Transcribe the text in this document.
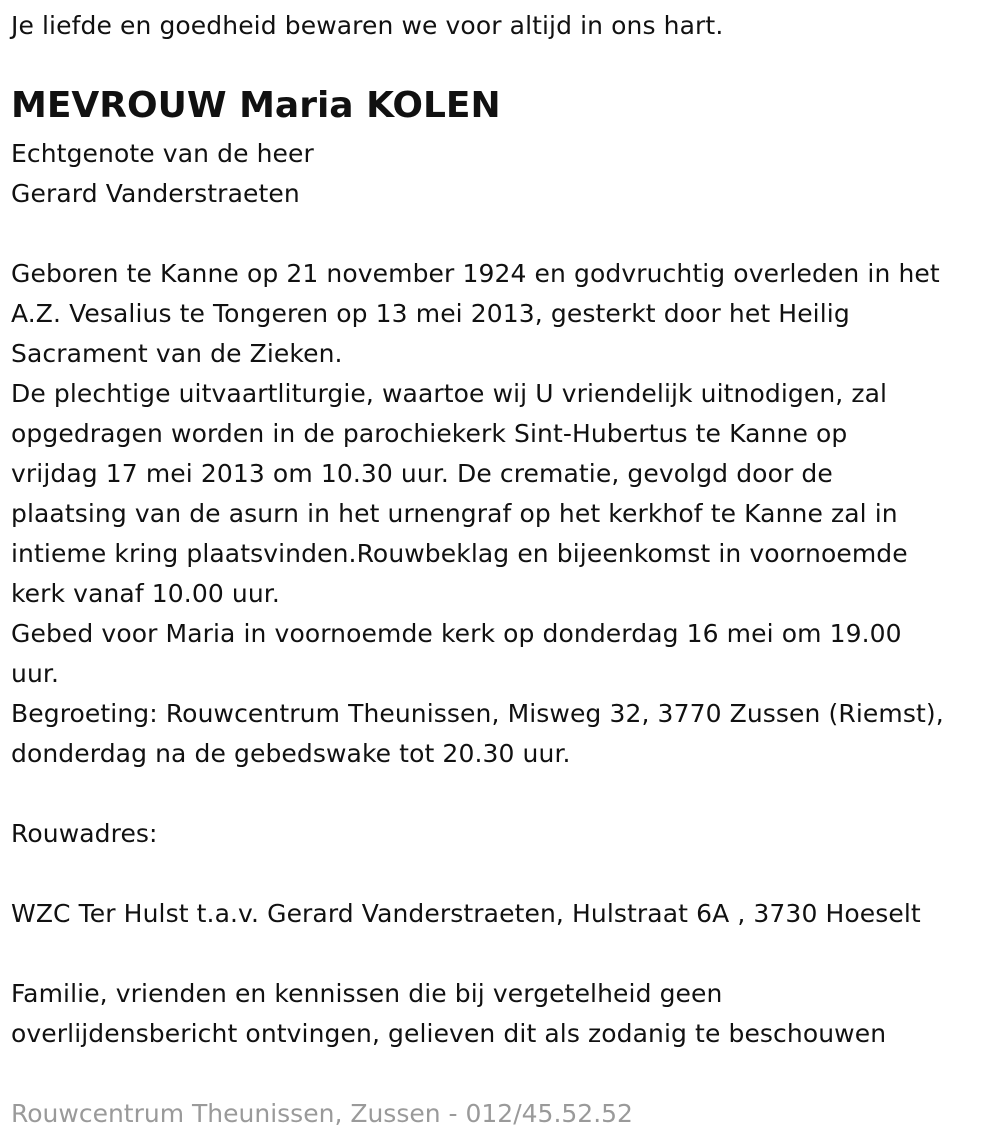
Je liefde en goedheid bewaren we voor altijd in ons hart.
MEVROUW Maria KOLEN
Echtgenote van de heer
Gerard Vanderstraeten
Geboren te Kanne op 21 november 1924 en godvruchtig overleden in het
A.Z. Vesalius te Tongeren op 13 mei 2013, gesterkt door het Heilig
Sacrament van de Zieken.
De plechtige uitvaartliturgie, waartoe wij U vriendelijk uitnodigen, zal
opgedragen worden in de parochiekerk Sint-Hubertus te Kanne op
vrijdag 17 mei 2013 om 10.30 uur. De crematie, gevolgd door de
plaatsing van de asurn in het urnengraf op het kerkhof te Kanne zal in
intieme kring plaatsvinden.Rouwbeklag en bijeenkomst in voornoemde
kerk vanaf 10.00 uur.
Gebed voor Maria in voornoemde kerk op donderdag 16 mei om 19.00
uur.
Begroeting: Rouwcentrum Theunissen, Misweg 32, 3770 Zussen (Riemst),
donderdag na de gebedswake tot 20.30 uur.
Rouwadres:
WZC Ter Hulst t.a.v. Gerard Vanderstraeten, Hulstraat 6A , 3730 Hoeselt
Familie, vrienden en kennissen die bij vergetelheid geen
overlijdensbericht ontvingen, gelieven dit als zodanig te beschouwen
Rouwcentrum Theunissen, Zussen - 012/45.52.52
